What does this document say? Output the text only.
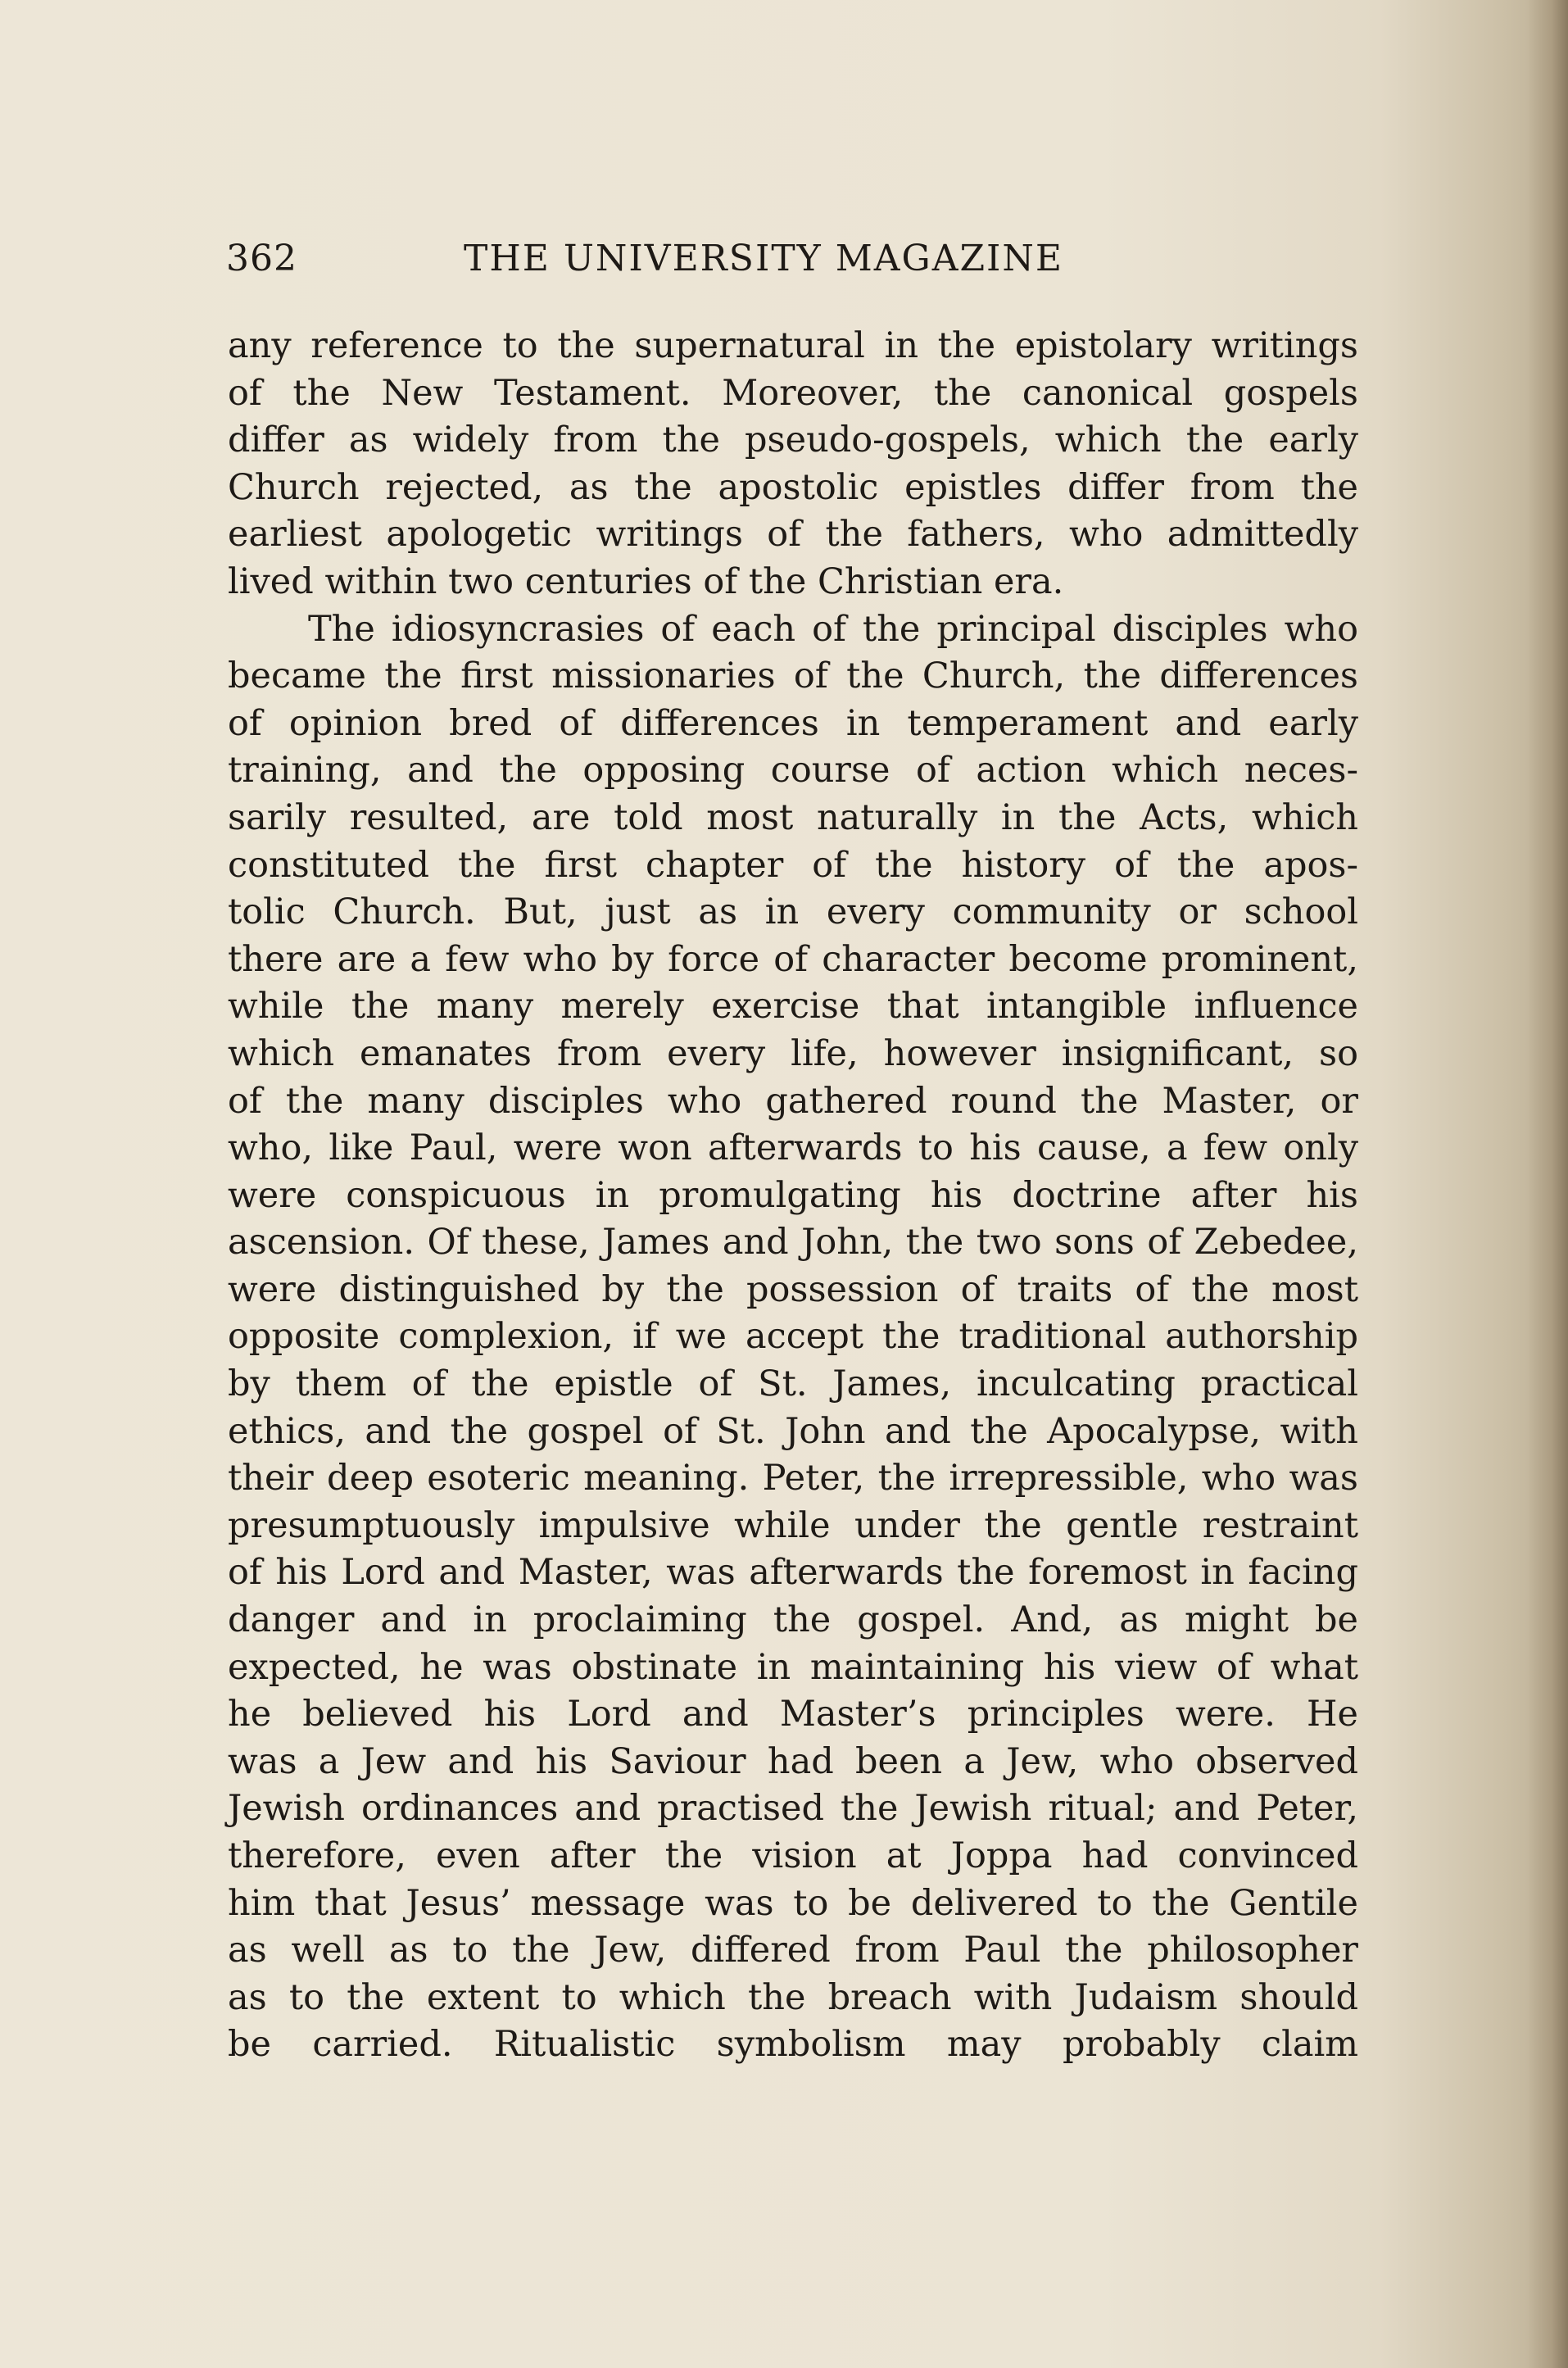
362	THE UNIVERSITY MAGAZINE
any reference to the supernatural in the epistolary writings
of the New Testament. Moreover, the canonical gospels
differ as widely from the pseudo-gospels, which the early
Church rejected, as the apostolic epistles differ from the
earliest apologetic writings of the fathers, who admittedly
lived within two centuries of the Christian era.
The idiosyncrasies of each of the principal disciples who
became the first missionaries of the Church, the differences
of opinion bred of differences in temperament and early
training, and the opposing course of action which neces-
sarily resulted, are told most naturally in the Acts, which
constituted the first chapter of the history of the apos-
tolic Church. But, just as in every community or school
there are a few who by force of character become prominent,
while the many merely exercise that intangible influence
which emanates from every life, however insignificant, so
of the many disciples who gathered round the Master, or
who, like Paul, were won afterwards to his cause, a few only
were conspicuous in promulgating his doctrine after his
ascension. Of these, James and John, the two sons of Zebedee,
were distinguished by the possession of traits of the most
opposite complexion, if we accept the traditional authorship
by them of the epistle of St. James, inculcating practical
ethics, and the gospel of St. John and the Apocalypse, with
their deep esoteric meaning. Peter, the irrepressible, who was
presumptuously impulsive while under the gentle restraint
of his Lord and Master, was afterwards the foremost in facing
danger and in proclaiming the gospel. And, as might be
expected, he was obstinate in maintaining his view of what
he believed his Lord and Master’s principles were. He
was a Jew and his Saviour had been a Jew, who observed
Jewish ordinances and practised the Jewish ritual; and Peter,
therefore, even after the vision at Joppa had convinced
him that Jesus’ message was to be delivered to the Gentile
as well as to the Jew, differed from Paul the philosopher
as to the extent to which the breach with Judaism should
be carried. Ritualistic symbolism may probably claim
